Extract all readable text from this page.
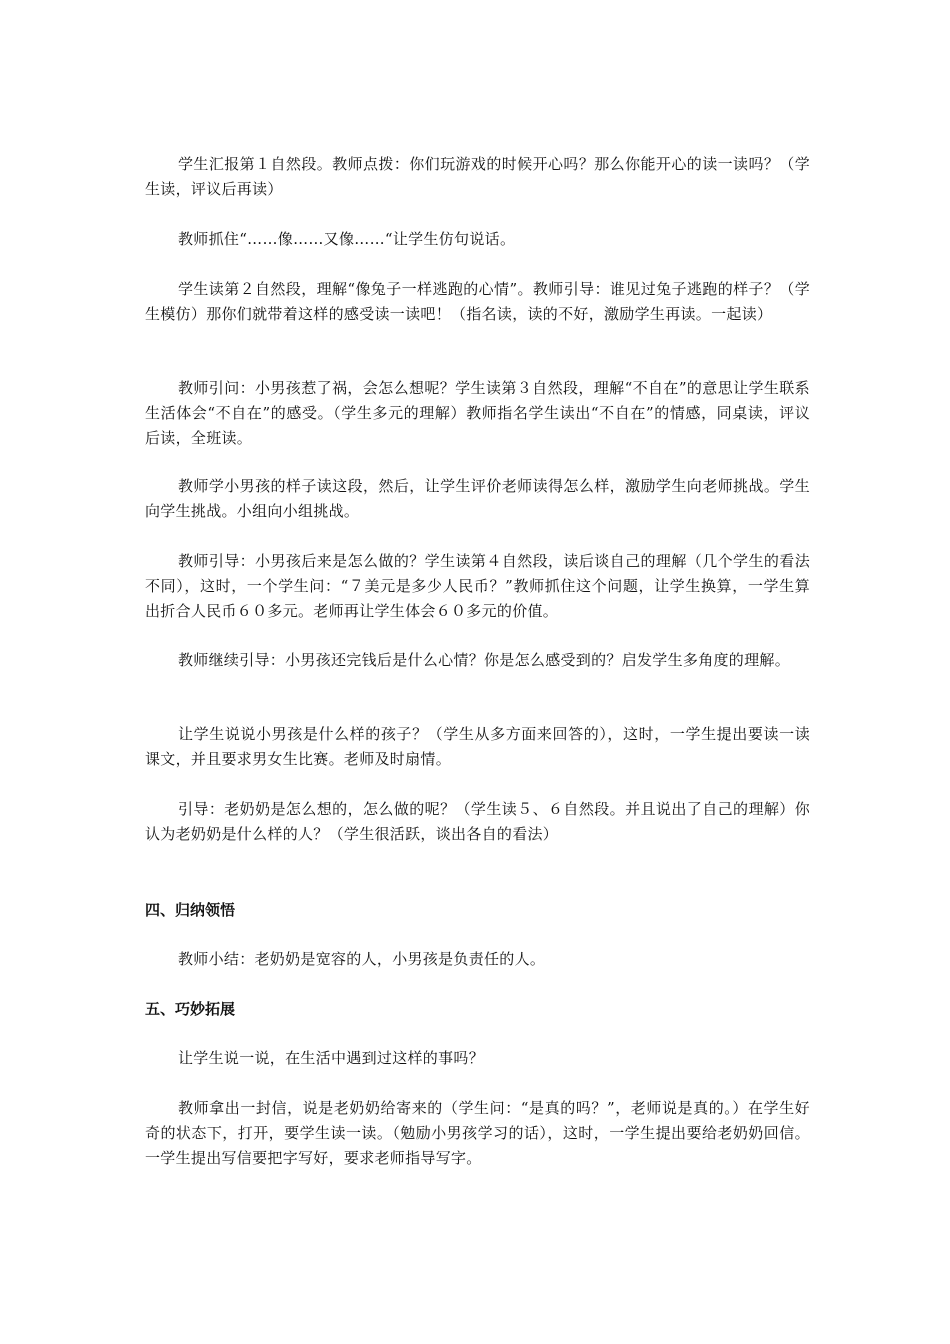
学生汇报第１自然段。教师点拨：你们玩游戏的时候开心吗？那么你能开心的读一读吗？（学生读，评议后再读）

教师抓住“……像……又像……“让学生仿句说话。

学生读第２自然段，理解“像兔子一样逃跑的心情”。教师引导：谁见过兔子逃跑的样子？（学生模仿）那你们就带着这样的感受读一读吧！（指名读，读的不好，激励学生再读。一起读）

教师引问：小男孩惹了祸，会怎么想呢？学生读第３自然段，理解“不自在”的意思让学生联系生活体会“不自在”的感受。（学生多元的理解）教师指名学生读出“不自在”的情感，同桌读，评议后读，全班读。

教师学小男孩的样子读这段，然后，让学生评价老师读得怎么样，激励学生向老师挑战。学生向学生挑战。小组向小组挑战。

教师引导：小男孩后来是怎么做的？学生读第４自然段，读后谈自己的理解（几个学生的看法不同），这时，一个学生问：“７美元是多少人民币？”教师抓住这个问题，让学生换算，一学生算出折合人民币６０多元。老师再让学生体会６０多元的价值。

教师继续引导：小男孩还完钱后是什么心情？你是怎么感受到的？启发学生多角度的理解。

让学生说说小男孩是什么样的孩子？（学生从多方面来回答的），这时，一学生提出要读一读课文，并且要求男女生比赛。老师及时扇情。

引导：老奶奶是怎么想的，怎么做的呢？（学生读５、６自然段。并且说出了自己的理解）你认为老奶奶是什么样的人？（学生很活跃，谈出各自的看法）

四、归纳领悟

教师小结：老奶奶是宽容的人，小男孩是负责任的人。

五、巧妙拓展

让学生说一说，在生活中遇到过这样的事吗？

教师拿出一封信，说是老奶奶给寄来的（学生问：“是真的吗？”，老师说是真的。）在学生好奇的状态下，打开，要学生读一读。（勉励小男孩学习的话），这时，一学生提出要给老奶奶回信。一学生提出写信要把字写好，要求老师指导写字。
